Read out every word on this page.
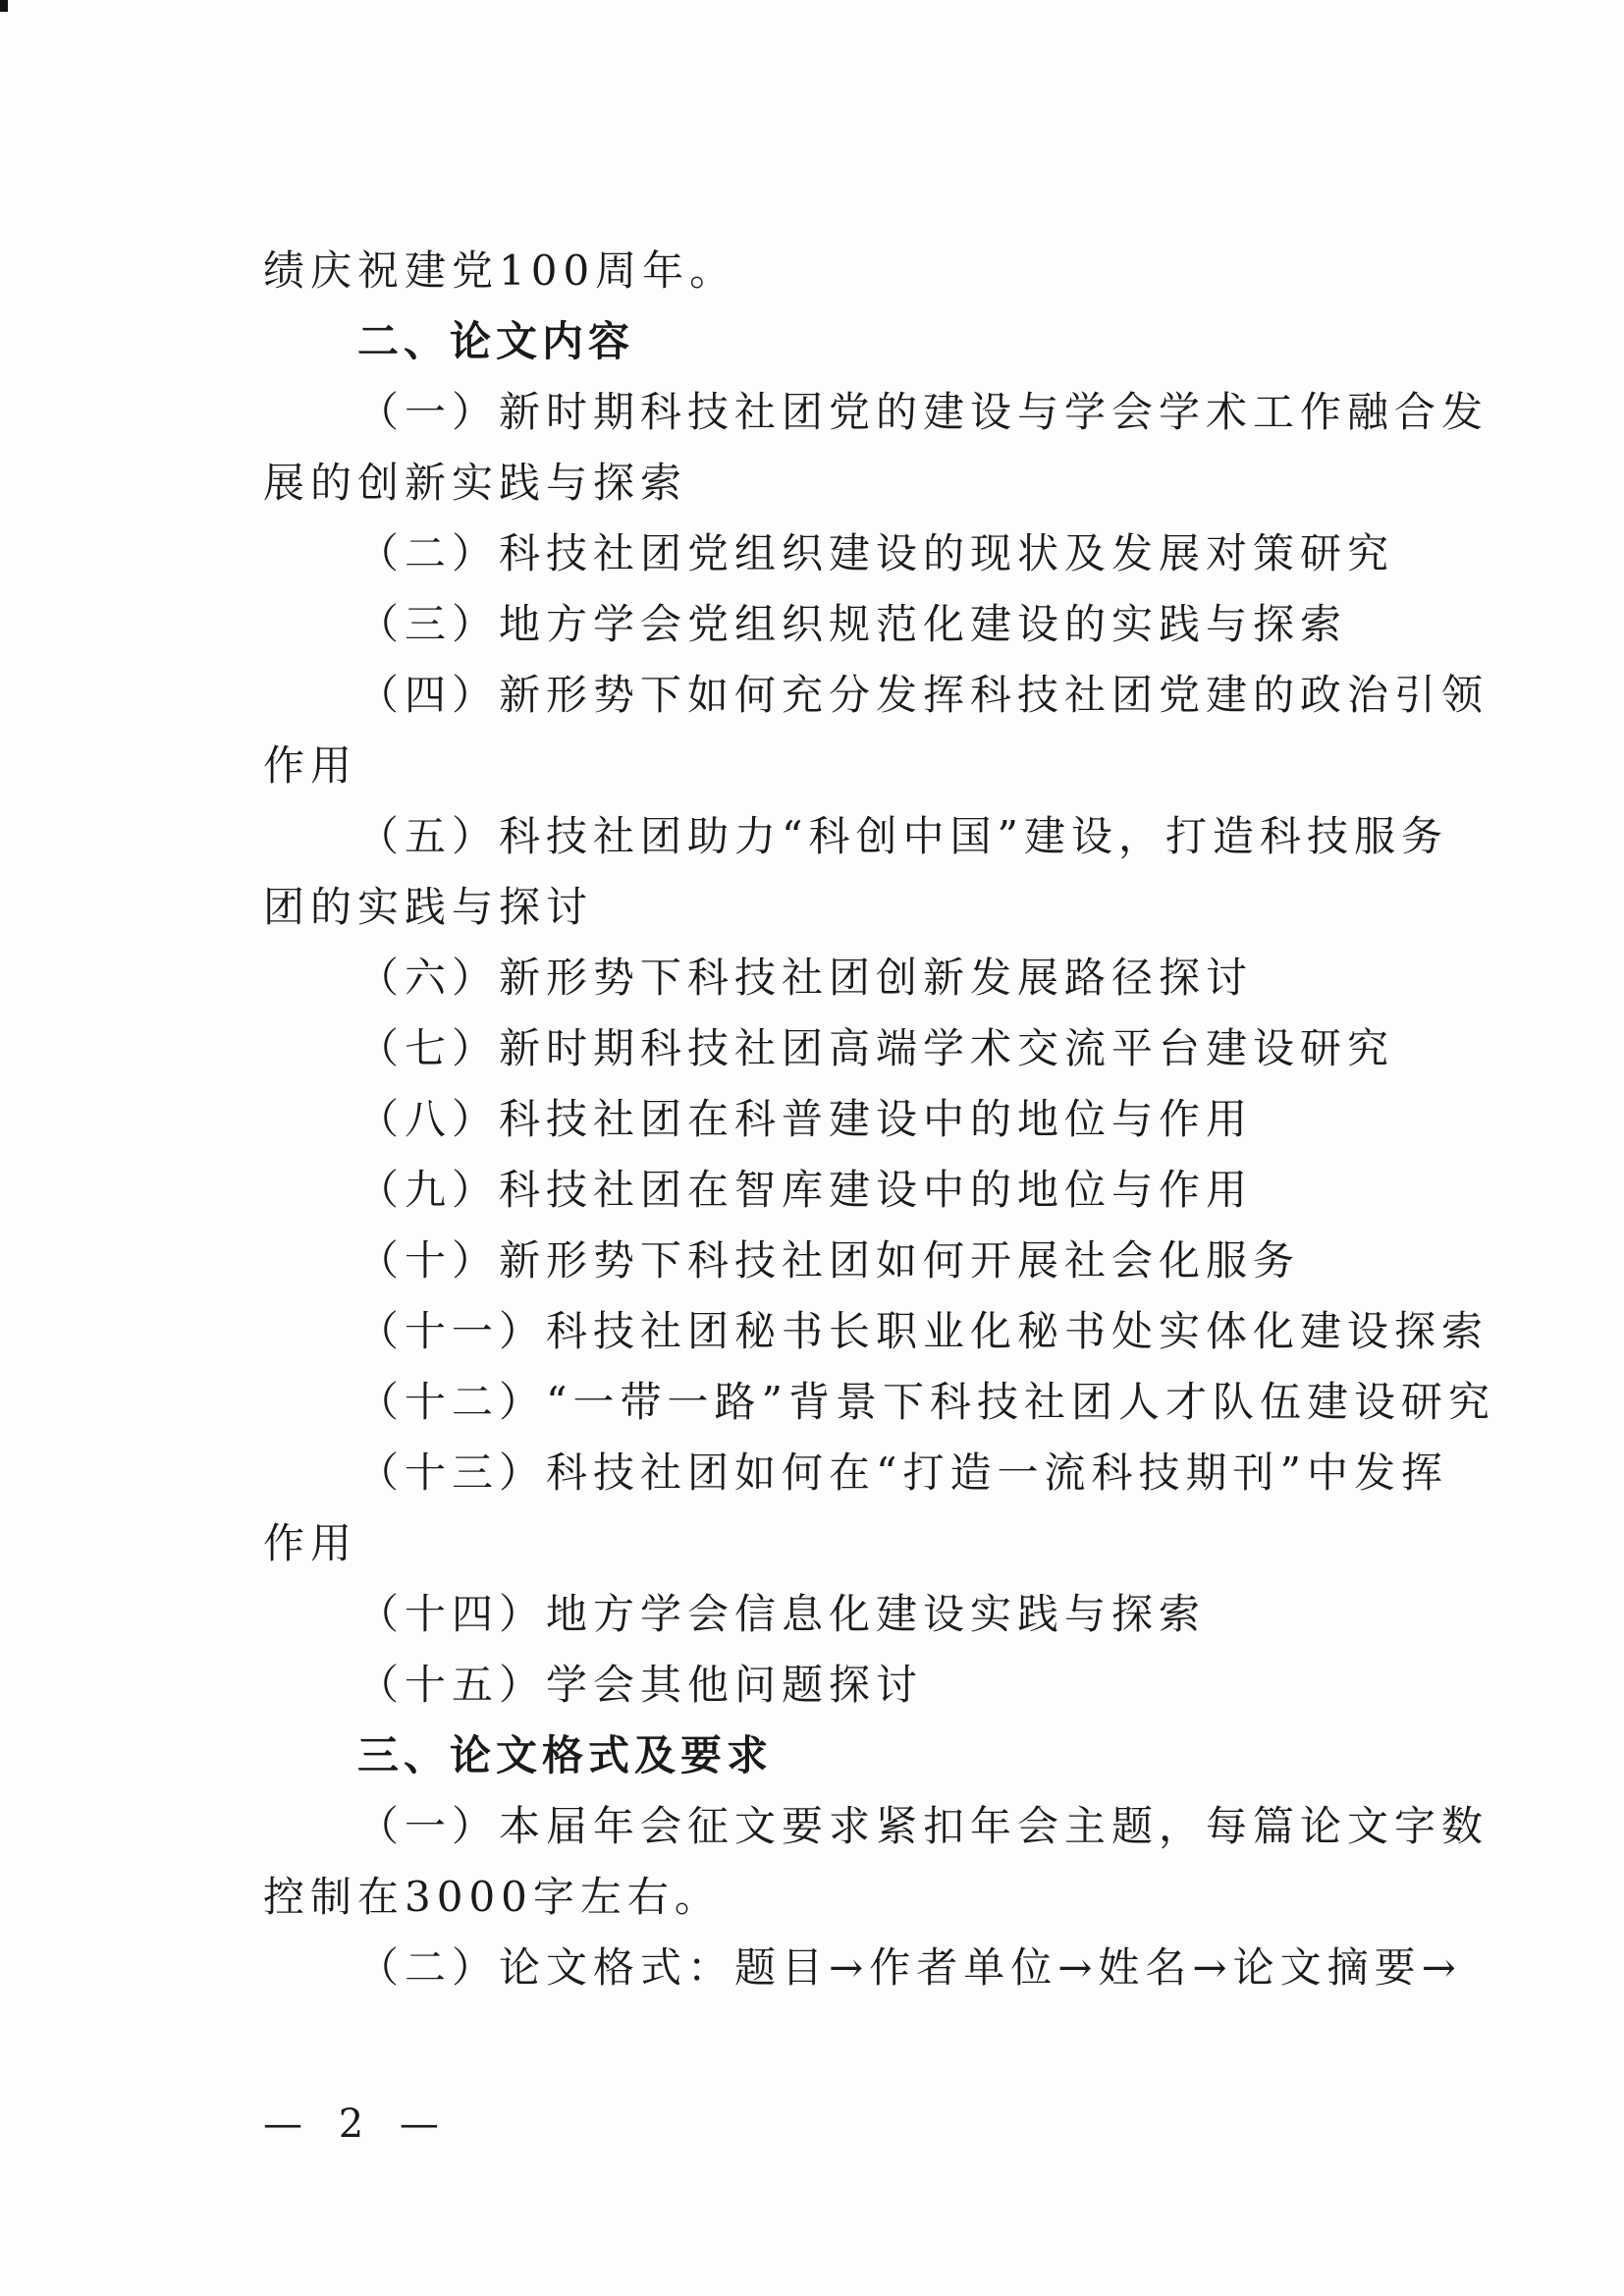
绩庆祝建党100周年。
二、论文内容
（一）新时期科技社团党的建设与学会学术工作融合发
展的创新实践与探索
（二）科技社团党组织建设的现状及发展对策研究
（三）地方学会党组织规范化建设的实践与探索
（四）新形势下如何充分发挥科技社团党建的政治引领
作用
（五）科技社团助力“科创中国”建设，打造科技服务
团的实践与探讨
（六）新形势下科技社团创新发展路径探讨
（七）新时期科技社团高端学术交流平台建设研究
（八）科技社团在科普建设中的地位与作用
（九）科技社团在智库建设中的地位与作用
（十）新形势下科技社团如何开展社会化服务
（十一）科技社团秘书长职业化秘书处实体化建设探索
（十二）“一带一路”背景下科技社团人才队伍建设研究
（十三）科技社团如何在“打造一流科技期刊”中发挥
作用
（十四）地方学会信息化建设实践与探索
（十五）学会其他问题探讨
三、论文格式及要求
（一）本届年会征文要求紧扣年会主题，每篇论文字数
控制在3000字左右。
（二）论文格式：题目→作者单位→姓名→论文摘要→
— 2 —
